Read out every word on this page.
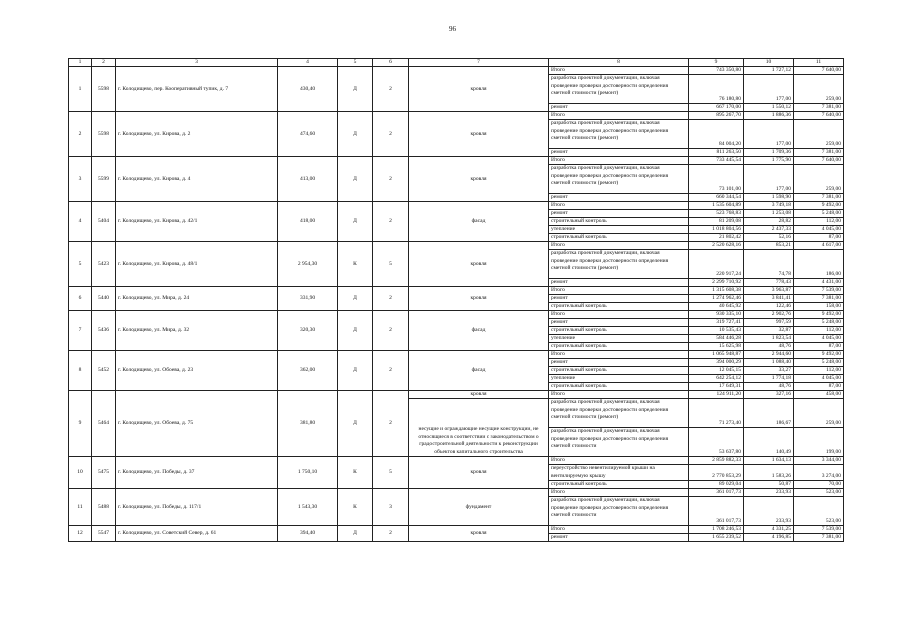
96
1	2	3	4	5	6	7	8	9	10	11
1	5598	г. Колодищево, пер. Кооперативный тупик, д. 7	430,40	Д	2	кровля	Итого	743 350,80	1 727,12	7 640,00
							разработка проектной документации, включая проведение проверки достоверности определения сметной стоимости (ремонт)	76 180,80	177,00	259,00
							ремонт	667 170,00	1 550,12	7 381,00
2	5598	г. Колодищево, ул. Кирова, д. 2	474,60	Д	2	кровля	Итого	895 267,70	1 886,36	7 640,00
							разработка проектной документации, включая проведение проверки достоверности определения сметной стоимости (ремонт)	84 004,20	177,00	259,00
							ремонт	811 263,50	1 709,36	7 381,00
3	5599	г. Колодищево, ул. Кирова, д. 4	413,00	Д	2	кровля	Итого	733 445,54	1 775,90	7 640,00
							разработка проектной документации, включая проведение проверки достоверности определения сметной стоимости (ремонт)	73 101,00	177,00	259,00
							ремонт	660 344,54	1 598,90	7 381,00
4	5404	г. Колодищево, ул. Кирова, д. 42/1	418,00	Д	2	фасад	Итого	1 535 604,89	3 749,18	9 492,00
							ремонт	523 768,83	1 253,08	5 248,00
							строительный контроль	81 209,08	28,82	112,00
							утепление	1 018 804,56	2 437,33	4 045,00
							строительный контроль	21 802,42	52,16	87,00
5	5423	г. Колодищево, ул. Кирова, д. 48/1	2 954,30	К	5	кровля	Итого	2 520 628,16	853,21	4 617,00
							разработка проектной документации, включая проведение проверки достоверности определения сметной стоимости (ремонт)	220 917,24	74,78	186,00
							ремонт	2 299 710,92	778,43	4 431,00
6	5440	г. Колодищево, ул. Мира, д. 24	331,90	Д	2	кровля	Итого	1 315 608,38	3 963,87	7 539,00
							ремонт	1 274 962,46	3 841,41	7 381,00
							строительный контроль	40 645,92	122,46	158,00
7	5436	г. Колодищево, ул. Мира, д. 32	320,30	Д	2	фасад	Итого	930 335,10	2 902,76	9 492,00
							ремонт	319 727,41	997,59	5 248,00
							строительный контроль	10 535,43	32,87	112,00
							утепление	584 446,28	1 823,54	4 045,00
							строительный контроль	15 625,98	48,76	87,00
8	5452	г. Колодищево, ул. Обоева, д. 23	362,00	Д	2	фасад	Итого	1 065 948,87	2 944,60	9 492,00
							ремонт	394 000,29	1 088,40	5 248,00
							строительный контроль	12 045,15	33,27	112,00
							утепление	642 254,12	1 774,18	4 045,00
							строительный контроль	17 649,31	48,76	87,00
9	5464	г. Колодищево, ул. Обоева, д. 75	381,80	Д	2	кровля	Итого	124 911,20	327,16	458,00
						несущие и ограждающие несущие конструкции, не относящиеся в соответствии с законодательством о градостроительной деятельности к реконструкции объектов капитального строительства	разработка проектной документации, включая проведение проверки достоверности определения сметной стоимости (ремонт)	71 273,40	186,67	259,00
							разработка проектной документации, включая проведение проверки достоверности определения сметной стоимости	53 637,80	140,49	199,00
10	5475	г. Колодищево, ул. Победы, д. 37	1 750,10	К	5	кровля	Итого	2 859 882,33	1 634,13	3 344,00
							переустройство невентилируемой крыши на вентилируемую крышу	2 770 853,29	1 583,26	3 274,00
							строительный контроль	89 029,04	50,87	70,00
11	5488	г. Колодищево, ул. Победы, д. 117/1	1 543,30	К	3	фундамент	Итого	361 017,73	233,93	523,00
							разработка проектной документации, включая проведение проверки достоверности определения сметной стоимости	361 017,73	233,93	523,00
12	5547	г. Колодищево, ул. Советский Север, д. 61	394,40	Д	2	кровля	Итого	1 708 246,53	4 331,25	7 539,00
							ремонт	1 655 239,52	4 196,85	7 381,00
